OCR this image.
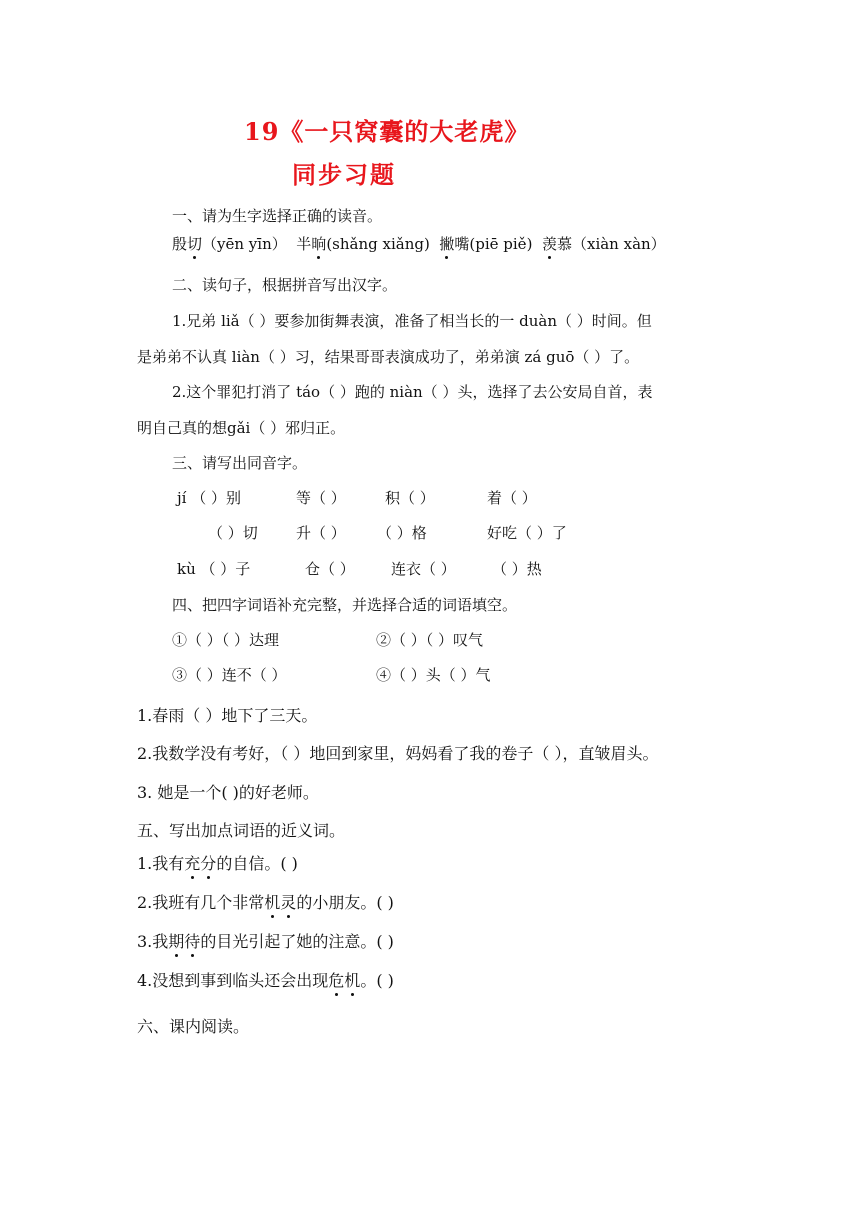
19《一只窝囊的大老虎》
同步习题
一、请为生字选择正确的读音。
殷切（yēn yīn） 半晌(shǎng xiǎng) 撇嘴(piē piě) 羡慕（xiàn xàn）
二、读句子，根据拼音写出汉字。
1.兄弟 liǎ（ ）要参加街舞表演，准备了相当长的一 duàn（ ）时间。但
是弟弟不认真 liàn（ ）习，结果哥哥表演成功了，弟弟演 zá guō（ ）了。
2.这个罪犯打消了 táo（ ）跑的 niàn（ ）头，选择了去公安局自首，表
明自己真的想gǎi（ ）邪归正。
三、请写出同音字。
jí （ ）别	等（ ）	积（ ）	着（ ）
（ ）切	升（ ） （ ）格	好吃（ ）了
kù （ ）子	仓（ ） 连衣（ ） （ ）热
四、把四字词语补充完整，并选择合适的词语填空。
①（ ）（ ）达理	②（ ）（ ）叹气
③（ ）连不（ ）	④（ ）头（ ）气
1.春雨（ ）地下了三天。
2.我数学没有考好，（ ）地回到家里，妈妈看了我的卷子（ ），直皱眉头。
3. 她是一个( )的好老师。
五、写出加点词语的近义词。
1.我有充分的自信。( )
2.我班有几个非常机灵的小朋友。( )
3.我期待的目光引起了她的注意。( )
4.没想到事到临头还会出现危机。( )
六、课内阅读。
